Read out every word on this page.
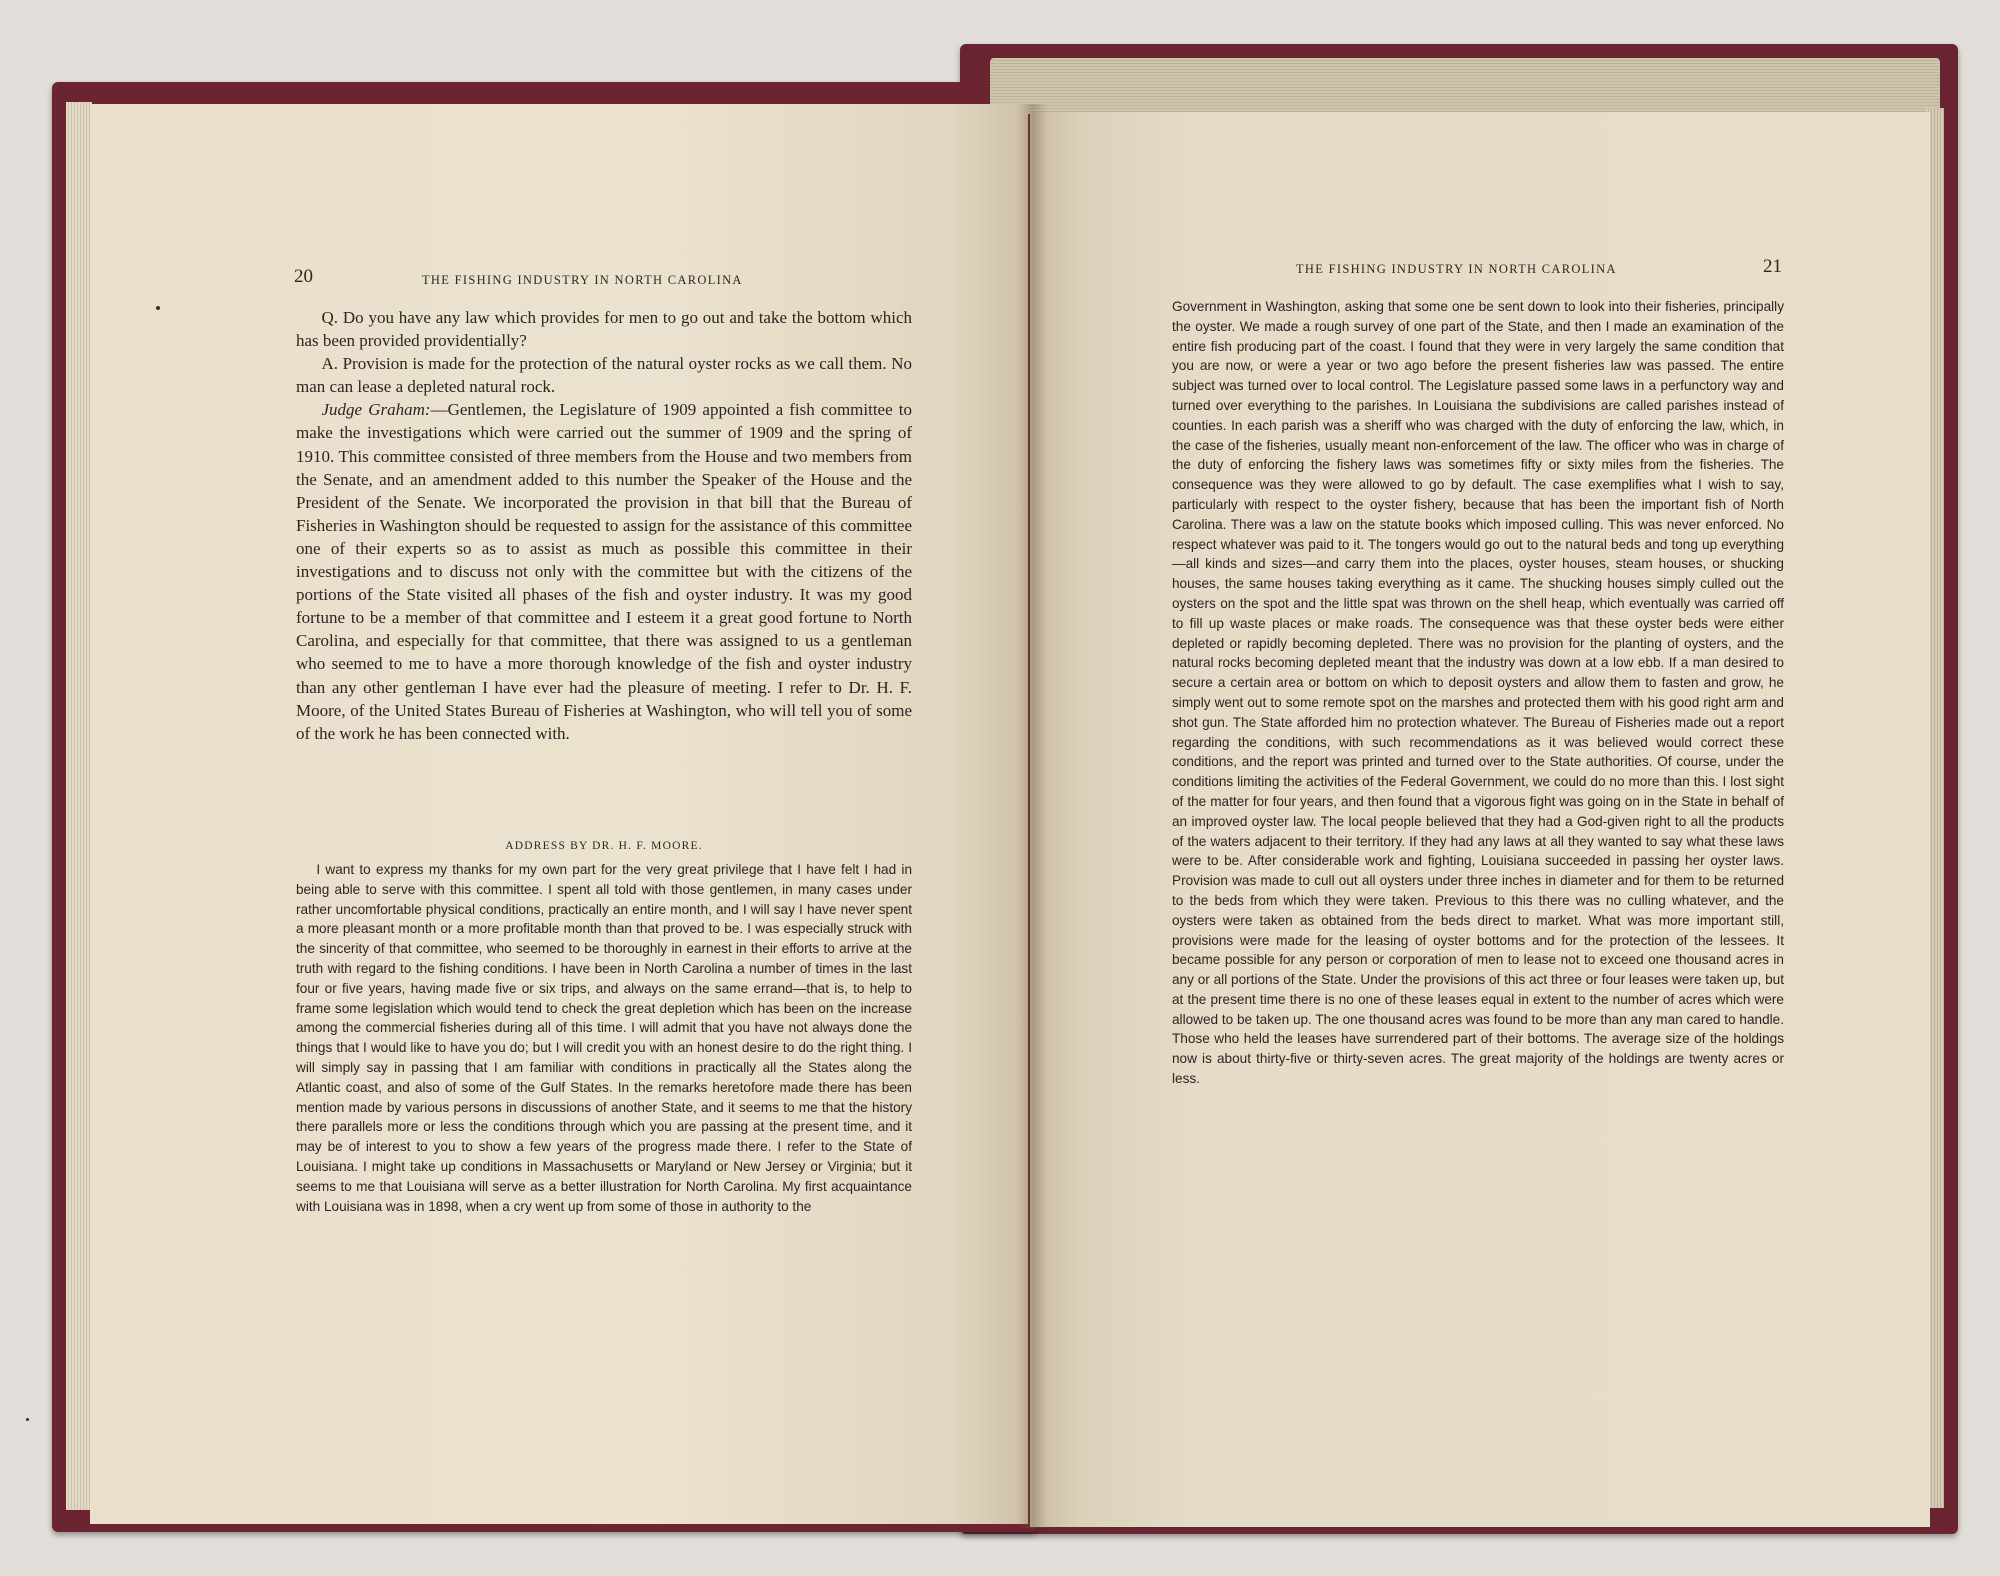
20	THE FISHING INDUSTRY IN NORTH CAROLINA

Q. Do you have any law which provides for men to go out and take the bottom which has been provided providentially?

A. Provision is made for the protection of the natural oyster rocks as we call them. No man can lease a depleted natural rock.

Judge Graham:—Gentlemen, the Legislature of 1909 appointed a fish committee to make the investigations which were carried out the summer of 1909 and the spring of 1910. This committee consisted of three members from the House and two members from the Senate, and an amendment added to this number the Speaker of the House and the President of the Senate. We incorporated the provision in that bill that the Bureau of Fisheries in Washington should be requested to assign for the assistance of this committee one of their experts so as to assist as much as possible this committee in their investigations and to discuss not only with the committee but with the citizens of the portions of the State visited all phases of the fish and oyster industry. It was my good fortune to be a member of that committee and I esteem it a great good fortune to North Carolina, and especially for that committee, that there was assigned to us a gentleman who seemed to me to have a more thorough knowledge of the fish and oyster industry than any other gentleman I have ever had the pleasure of meeting. I refer to Dr. H. F. Moore, of the United States Bureau of Fisheries at Washington, who will tell you of some of the work he has been connected with.

ADDRESS BY DR. H. F. MOORE.

I want to express my thanks for my own part for the very great privilege that I have felt I had in being able to serve with this committee. I spent all told with those gentlemen, in many cases under rather uncomfortable physical conditions, practically an entire month, and I will say I have never spent a more pleasant month or a more profitable month than that proved to be. I was especially struck with the sincerity of that committee, who seemed to be thoroughly in earnest in their efforts to arrive at the truth with regard to the fishing conditions. I have been in North Carolina a number of times in the last four or five years, having made five or six trips, and always on the same errand—that is, to help to frame some legislation which would tend to check the great depletion which has been on the increase among the commercial fisheries during all of this time. I will admit that you have not always done the things that I would like to have you do; but I will credit you with an honest desire to do the right thing. I will simply say in passing that I am familiar with conditions in practically all the States along the Atlantic coast, and also of some of the Gulf States. In the remarks heretofore made there has been mention made by various persons in discussions of another State, and it seems to me that the history there parallels more or less the conditions through which you are passing at the present time, and it may be of interest to you to show a few years of the progress made there. I refer to the State of Louisiana. I might take up conditions in Massachusetts or Maryland or New Jersey or Virginia; but it seems to me that Louisiana will serve as a better illustration for North Carolina. My first acquaintance with Louisiana was in 1898, when a cry went up from some of those in authority to the

THE FISHING INDUSTRY IN NORTH CAROLINA	21

Government in Washington, asking that some one be sent down to look into their fisheries, principally the oyster. We made a rough survey of one part of the State, and then I made an examination of the entire fish producing part of the coast. I found that they were in very largely the same condition that you are now, or were a year or two ago before the present fisheries law was passed. The entire subject was turned over to local control. The Legislature passed some laws in a perfunctory way and turned over everything to the parishes. In Louisiana the subdivisions are called parishes instead of counties. In each parish was a sheriff who was charged with the duty of enforcing the law, which, in the case of the fisheries, usually meant non-enforcement of the law. The officer who was in charge of the duty of enforcing the fishery laws was sometimes fifty or sixty miles from the fisheries. The consequence was they were allowed to go by default. The case exemplifies what I wish to say, particularly with respect to the oyster fishery, because that has been the important fish of North Carolina. There was a law on the statute books which imposed culling. This was never enforced. No respect whatever was paid to it. The tongers would go out to the natural beds and tong up everything—all kinds and sizes—and carry them into the places, oyster houses, steam houses, or shucking houses, the same houses taking everything as it came. The shucking houses simply culled out the oysters on the spot and the little spat was thrown on the shell heap, which eventually was carried off to fill up waste places or make roads. The consequence was that these oyster beds were either depleted or rapidly becoming depleted. There was no provision for the planting of oysters, and the natural rocks becoming depleted meant that the industry was down at a low ebb. If a man desired to secure a certain area or bottom on which to deposit oysters and allow them to fasten and grow, he simply went out to some remote spot on the marshes and protected them with his good right arm and shot gun. The State afforded him no protection whatever. The Bureau of Fisheries made out a report regarding the conditions, with such recommendations as it was believed would correct these conditions, and the report was printed and turned over to the State authorities. Of course, under the conditions limiting the activities of the Federal Government, we could do no more than this. I lost sight of the matter for four years, and then found that a vigorous fight was going on in the State in behalf of an improved oyster law. The local people believed that they had a God-given right to all the products of the waters adjacent to their territory. If they had any laws at all they wanted to say what these laws were to be. After considerable work and fighting, Louisiana succeeded in passing her oyster laws. Provision was made to cull out all oysters under three inches in diameter and for them to be returned to the beds from which they were taken. Previous to this there was no culling whatever, and the oysters were taken as obtained from the beds direct to market. What was more important still, provisions were made for the leasing of oyster bottoms and for the protection of the lessees. It became possible for any person or corporation of men to lease not to exceed one thousand acres in any or all portions of the State. Under the provisions of this act three or four leases were taken up, but at the present time there is no one of these leases equal in extent to the number of acres which were allowed to be taken up. The one thousand acres was found to be more than any man cared to handle. Those who held the leases have surrendered part of their bottoms. The average size of the holdings now is about thirty-five or thirty-seven acres. The great majority of the holdings are twenty acres or less.
